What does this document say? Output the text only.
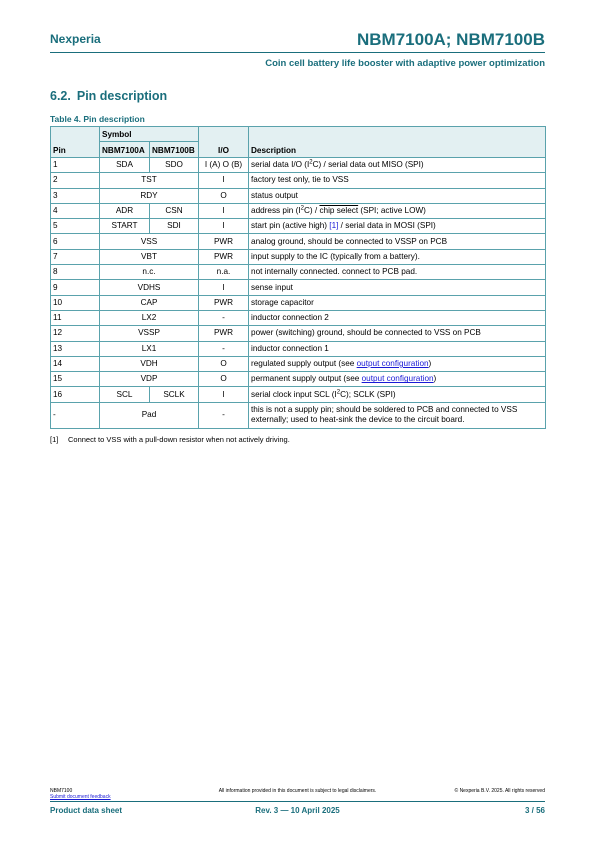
Nexperia	NBM7100A; NBM7100B
Coin cell battery life booster with adaptive power optimization
6.2. Pin description
Table 4. Pin description
Pin	Symbol		I/O	Description
	NBM7100A	NBM7100B		
1	SDA	SDO	I (A) O (B)	serial data I/O $(I^2C)$ / serial data out MISO (SPI)
2	TST		I	factory test only, tie to VSS
3	RDY		O	status output
4	ADR	CSN	I	address pin $(I^2C)$ / chip select (SPI; active LOW)
5	START	SDI	I	start pin (active high) [1] / serial data in MOSI (SPI)
6	VSS		PWR	analog ground, should be connected to VSSP on PCB
7	VBT		PWR	input supply to the IC (typically from a battery).
8	n.c.		n.a.	not internally connected. connect to PCB pad.
9	VDHS		I	sense input
10	CAP		PWR	storage capacitor
11	LX2		-	inductor connection 2
12	VSSP		PWR	power (switching) ground, should be connected to VSS on PCB
13	LX1		-	inductor connection 1
14	VDH		O	regulated supply output (see output configuration)
15	VDP		O	permanent supply output (see output configuration)
16	SCL	SCLK	I	serial clock input SCL $(I^2C)$; SCLK (SPI)
-	Pad		-	this is not a supply pin; should be soldered to PCB and connected to VSS externally; used to heat-sink the device to the circuit board.
[1] Connect to VSS with a pull-down resistor when not actively driving.
NBM7100
Submit document feedback
All information provided in this document is subject to legal disclaimers.	© Nexperia B.V. 2025. All rights reserved
Product data sheet	Rev. 3 — 10 April 2025	3 / 56
